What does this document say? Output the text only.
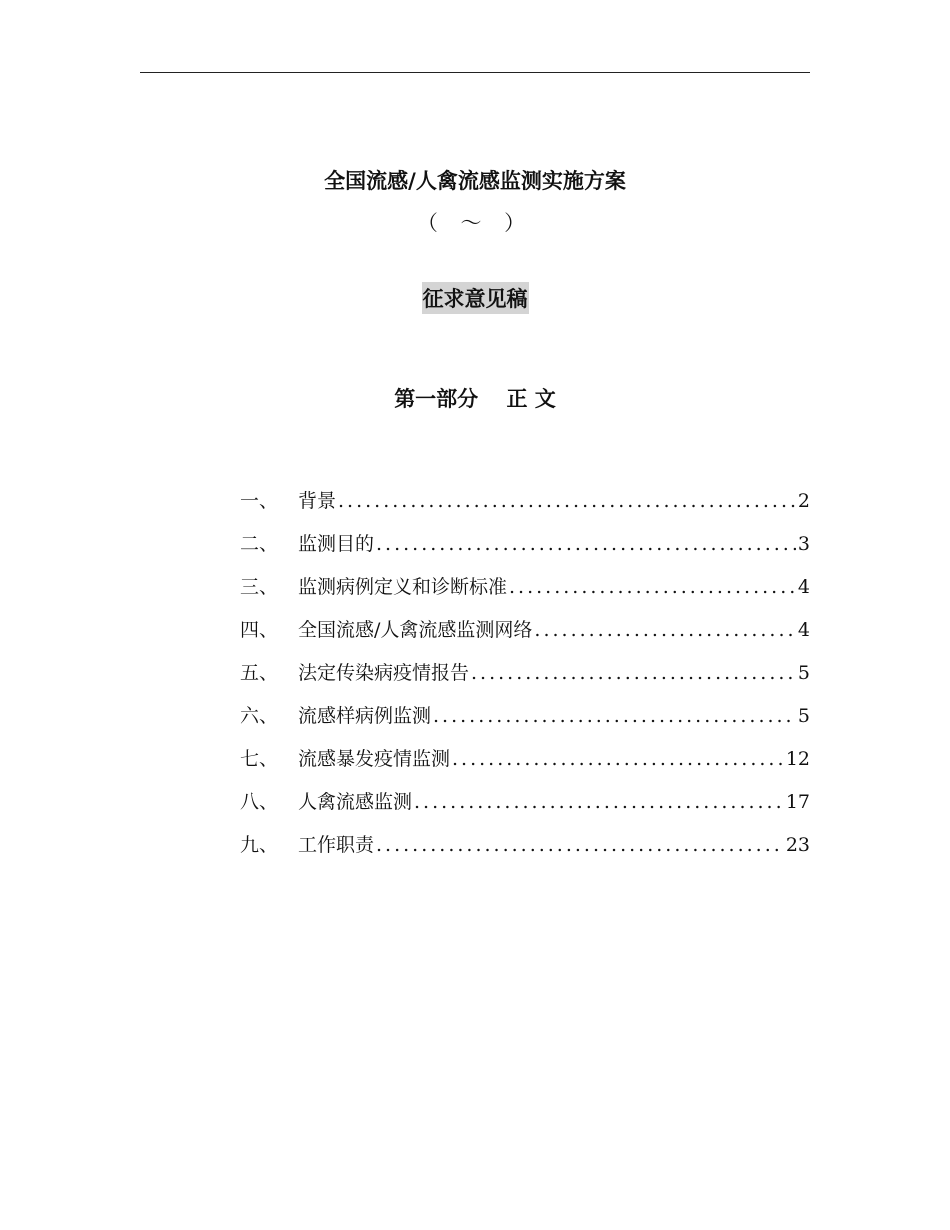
全国流感/人禽流感监测实施方案
（ ～ ）
征求意见稿
第一部分　 正 文
一、	背景 .....	2
二、	监测目的 .....	3
三、	监测病例定义和诊断标准 .....	4
四、	全国流感/人禽流感监测网络 .....	4
五、	法定传染病疫情报告 .....	5
六、	流感样病例监测 .....	5
七、	流感暴发疫情监测 .....	12
八、	人禽流感监测 .....	17
九、	工作职责 .....	23
